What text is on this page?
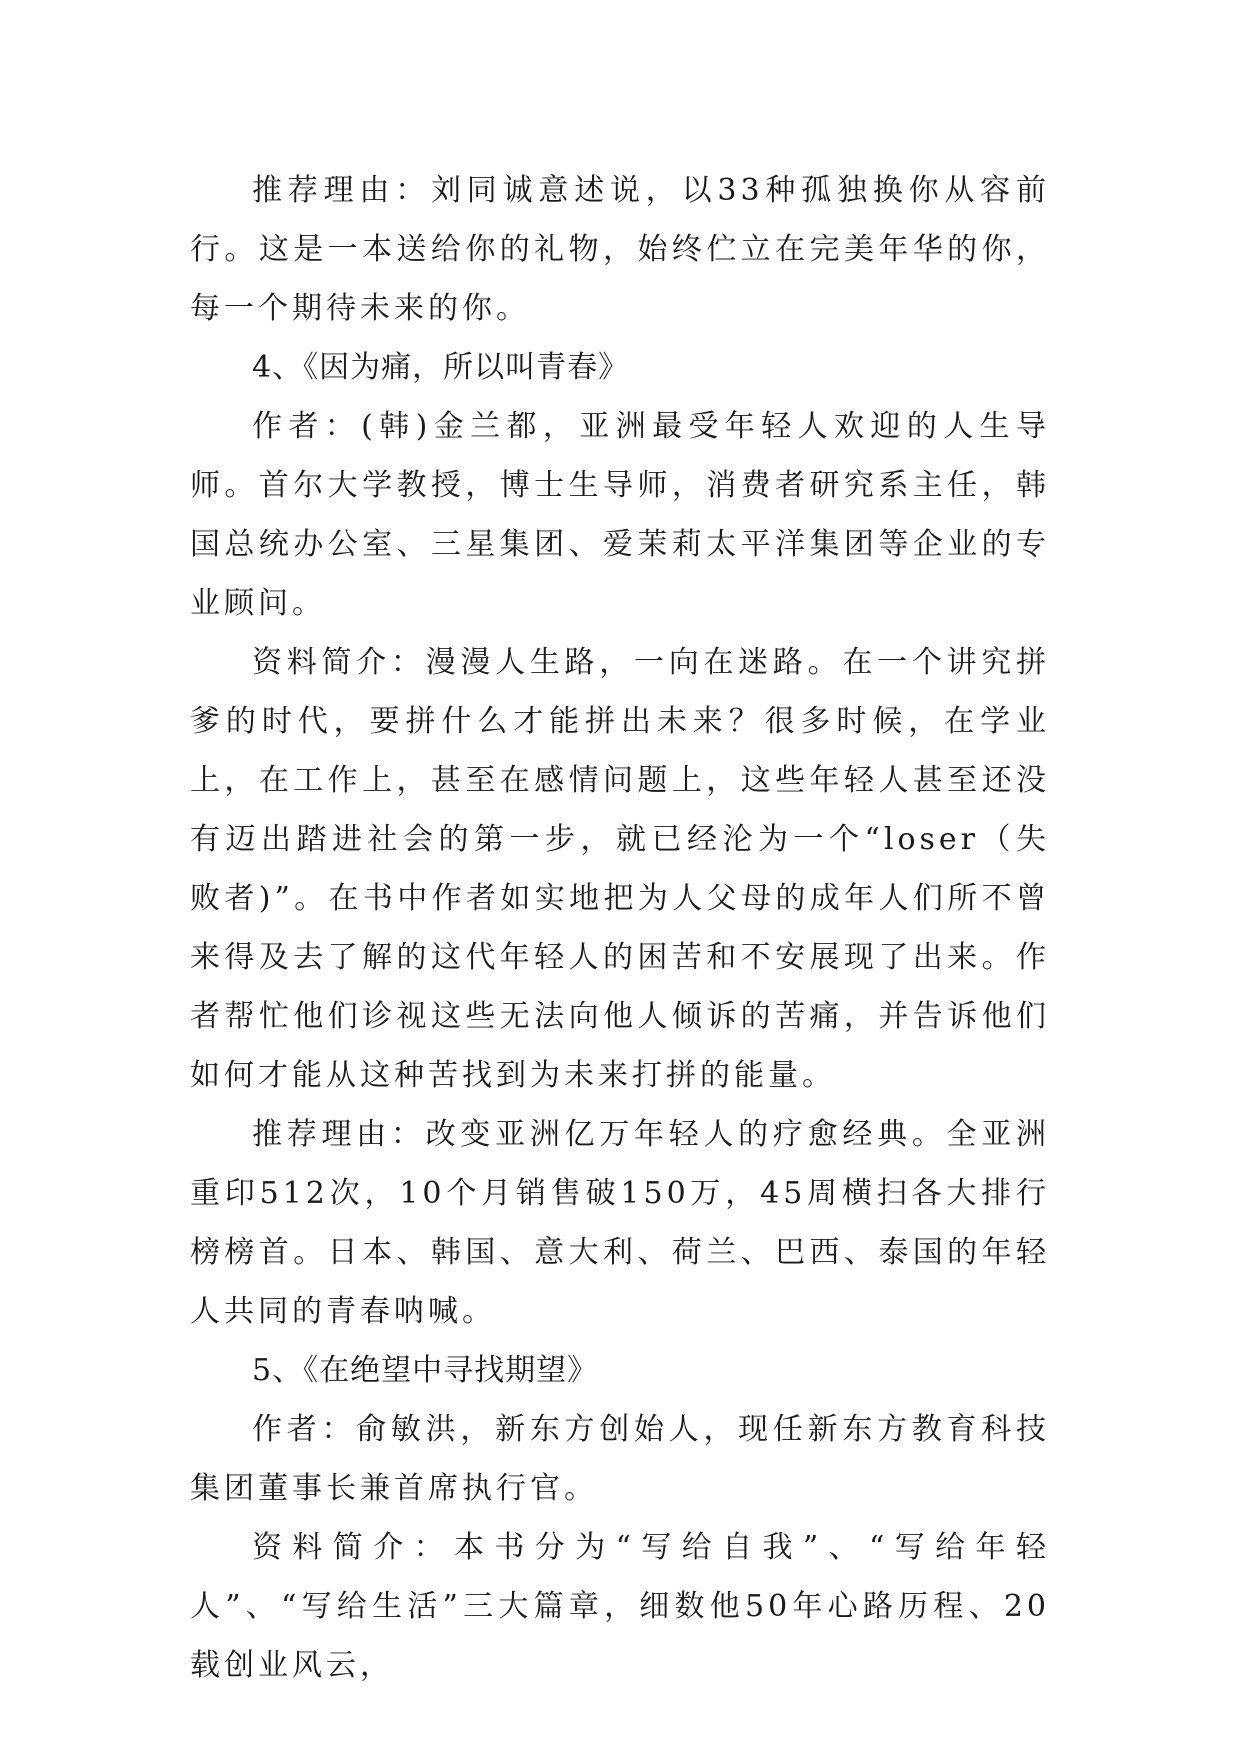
推荐理由：刘同诚意述说，以33种孤独换你从容前行。这是一本送给你的礼物，始终伫立在完美年华的你，每一个期待未来的你。

4、《因为痛，所以叫青春》

作者：(韩)金兰都，亚洲最受年轻人欢迎的人生导师。首尔大学教授，博士生导师，消费者研究系主任，韩国总统办公室、三星集团、爱茉莉太平洋集团等企业的专业顾问。

资料简介：漫漫人生路，一向在迷路。在一个讲究拼爹的时代，要拼什么才能拼出未来？很多时候，在学业上，在工作上，甚至在感情问题上，这些年轻人甚至还没有迈出踏进社会的第一步，就已经沦为一个“loser（失败者)”。在书中作者如实地把为人父母的成年人们所不曾来得及去了解的这代年轻人的困苦和不安展现了出来。作者帮忙他们诊视这些无法向他人倾诉的苦痛，并告诉他们如何才能从这种苦找到为未来打拼的能量。

推荐理由：改变亚洲亿万年轻人的疗愈经典。全亚洲重印512次，10个月销售破150万，45周横扫各大排行榜榜首。日本、韩国、意大利、荷兰、巴西、泰国的年轻人共同的青春呐喊。

5、《在绝望中寻找期望》

作者：俞敏洪，新东方创始人，现任新东方教育科技集团董事长兼首席执行官。

资料简介：本书分为“写给自我”、“写给年轻人”、“写给生活”三大篇章，细数他50年心路历程、20载创业风云，
